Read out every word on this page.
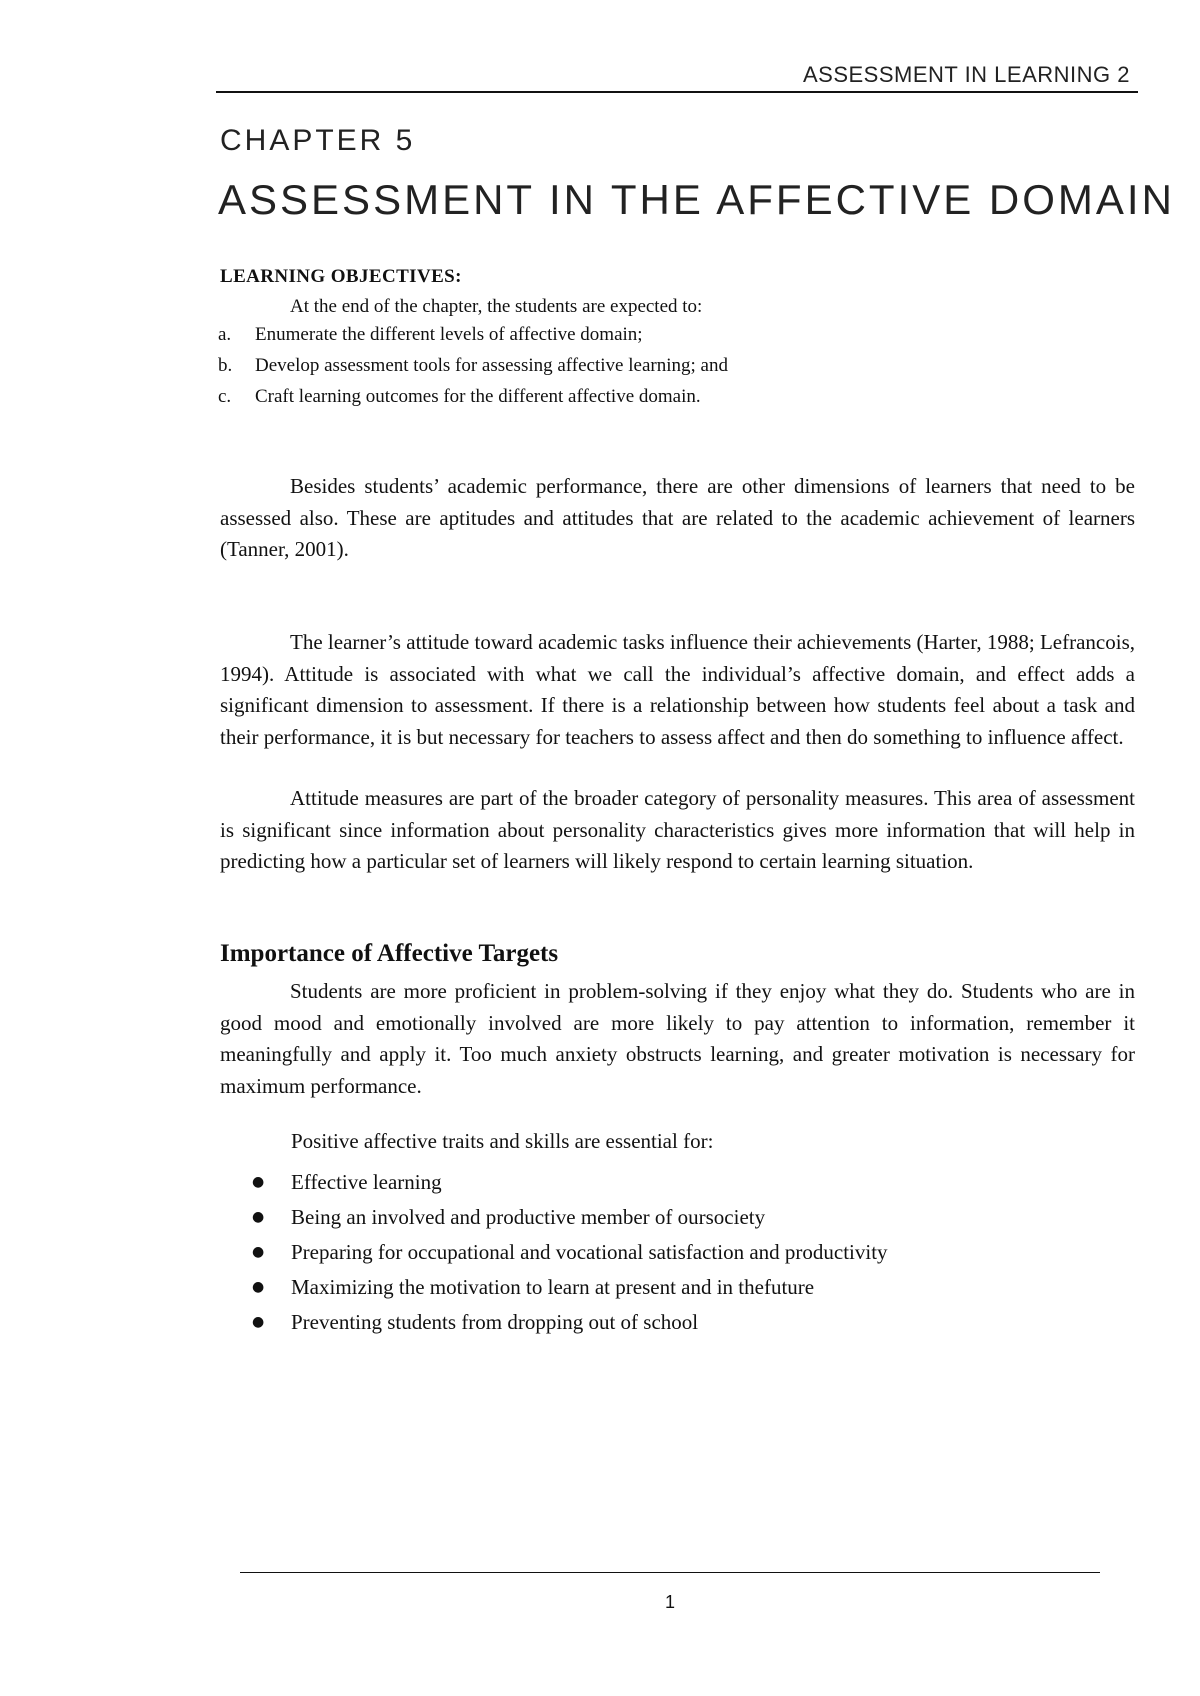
ASSESSMENT IN LEARNING 2
CHAPTER 5
ASSESSMENT IN THE AFFECTIVE DOMAIN
LEARNING OBJECTIVES:
At the end of the chapter, the students are expected to:
a.	Enumerate the different levels of affective domain;
b.	Develop assessment tools for assessing affective learning; and
c.	Craft learning outcomes for the different affective domain.

Besides students’ academic performance, there are other dimensions of learners that need to be assessed also. These are aptitudes and attitudes that are related to the academic achievement of learners (Tanner, 2001).

The learner’s attitude toward academic tasks influence their achievements (Harter, 1988; Lefrancois, 1994). Attitude is associated with what we call the individual’s affective domain, and effect adds a significant dimension to assessment. If there is a relationship between how students feel about a task and their performance, it is but necessary for teachers to assess affect and then do something to influence affect.

Attitude measures are part of the broader category of personality measures. This area of assessment is significant since information about personality characteristics gives more information that will help in predicting how a particular set of learners will likely respond to certain learning situation.

Importance of Affective Targets

Students are more proficient in problem-solving if they enjoy what they do. Students who are in good mood and emotionally involved are more likely to pay attention to information, remember it meaningfully and apply it. Too much anxiety obstructs learning, and greater motivation is necessary for maximum performance.

Positive affective traits and skills are essential for:

●	Effective learning
●	Being an involved and productive member of oursociety
●	Preparing for occupational and vocational satisfaction and productivity
●	Maximizing the motivation to learn at present and in thefuture
●	Preventing students from dropping out of school
1
